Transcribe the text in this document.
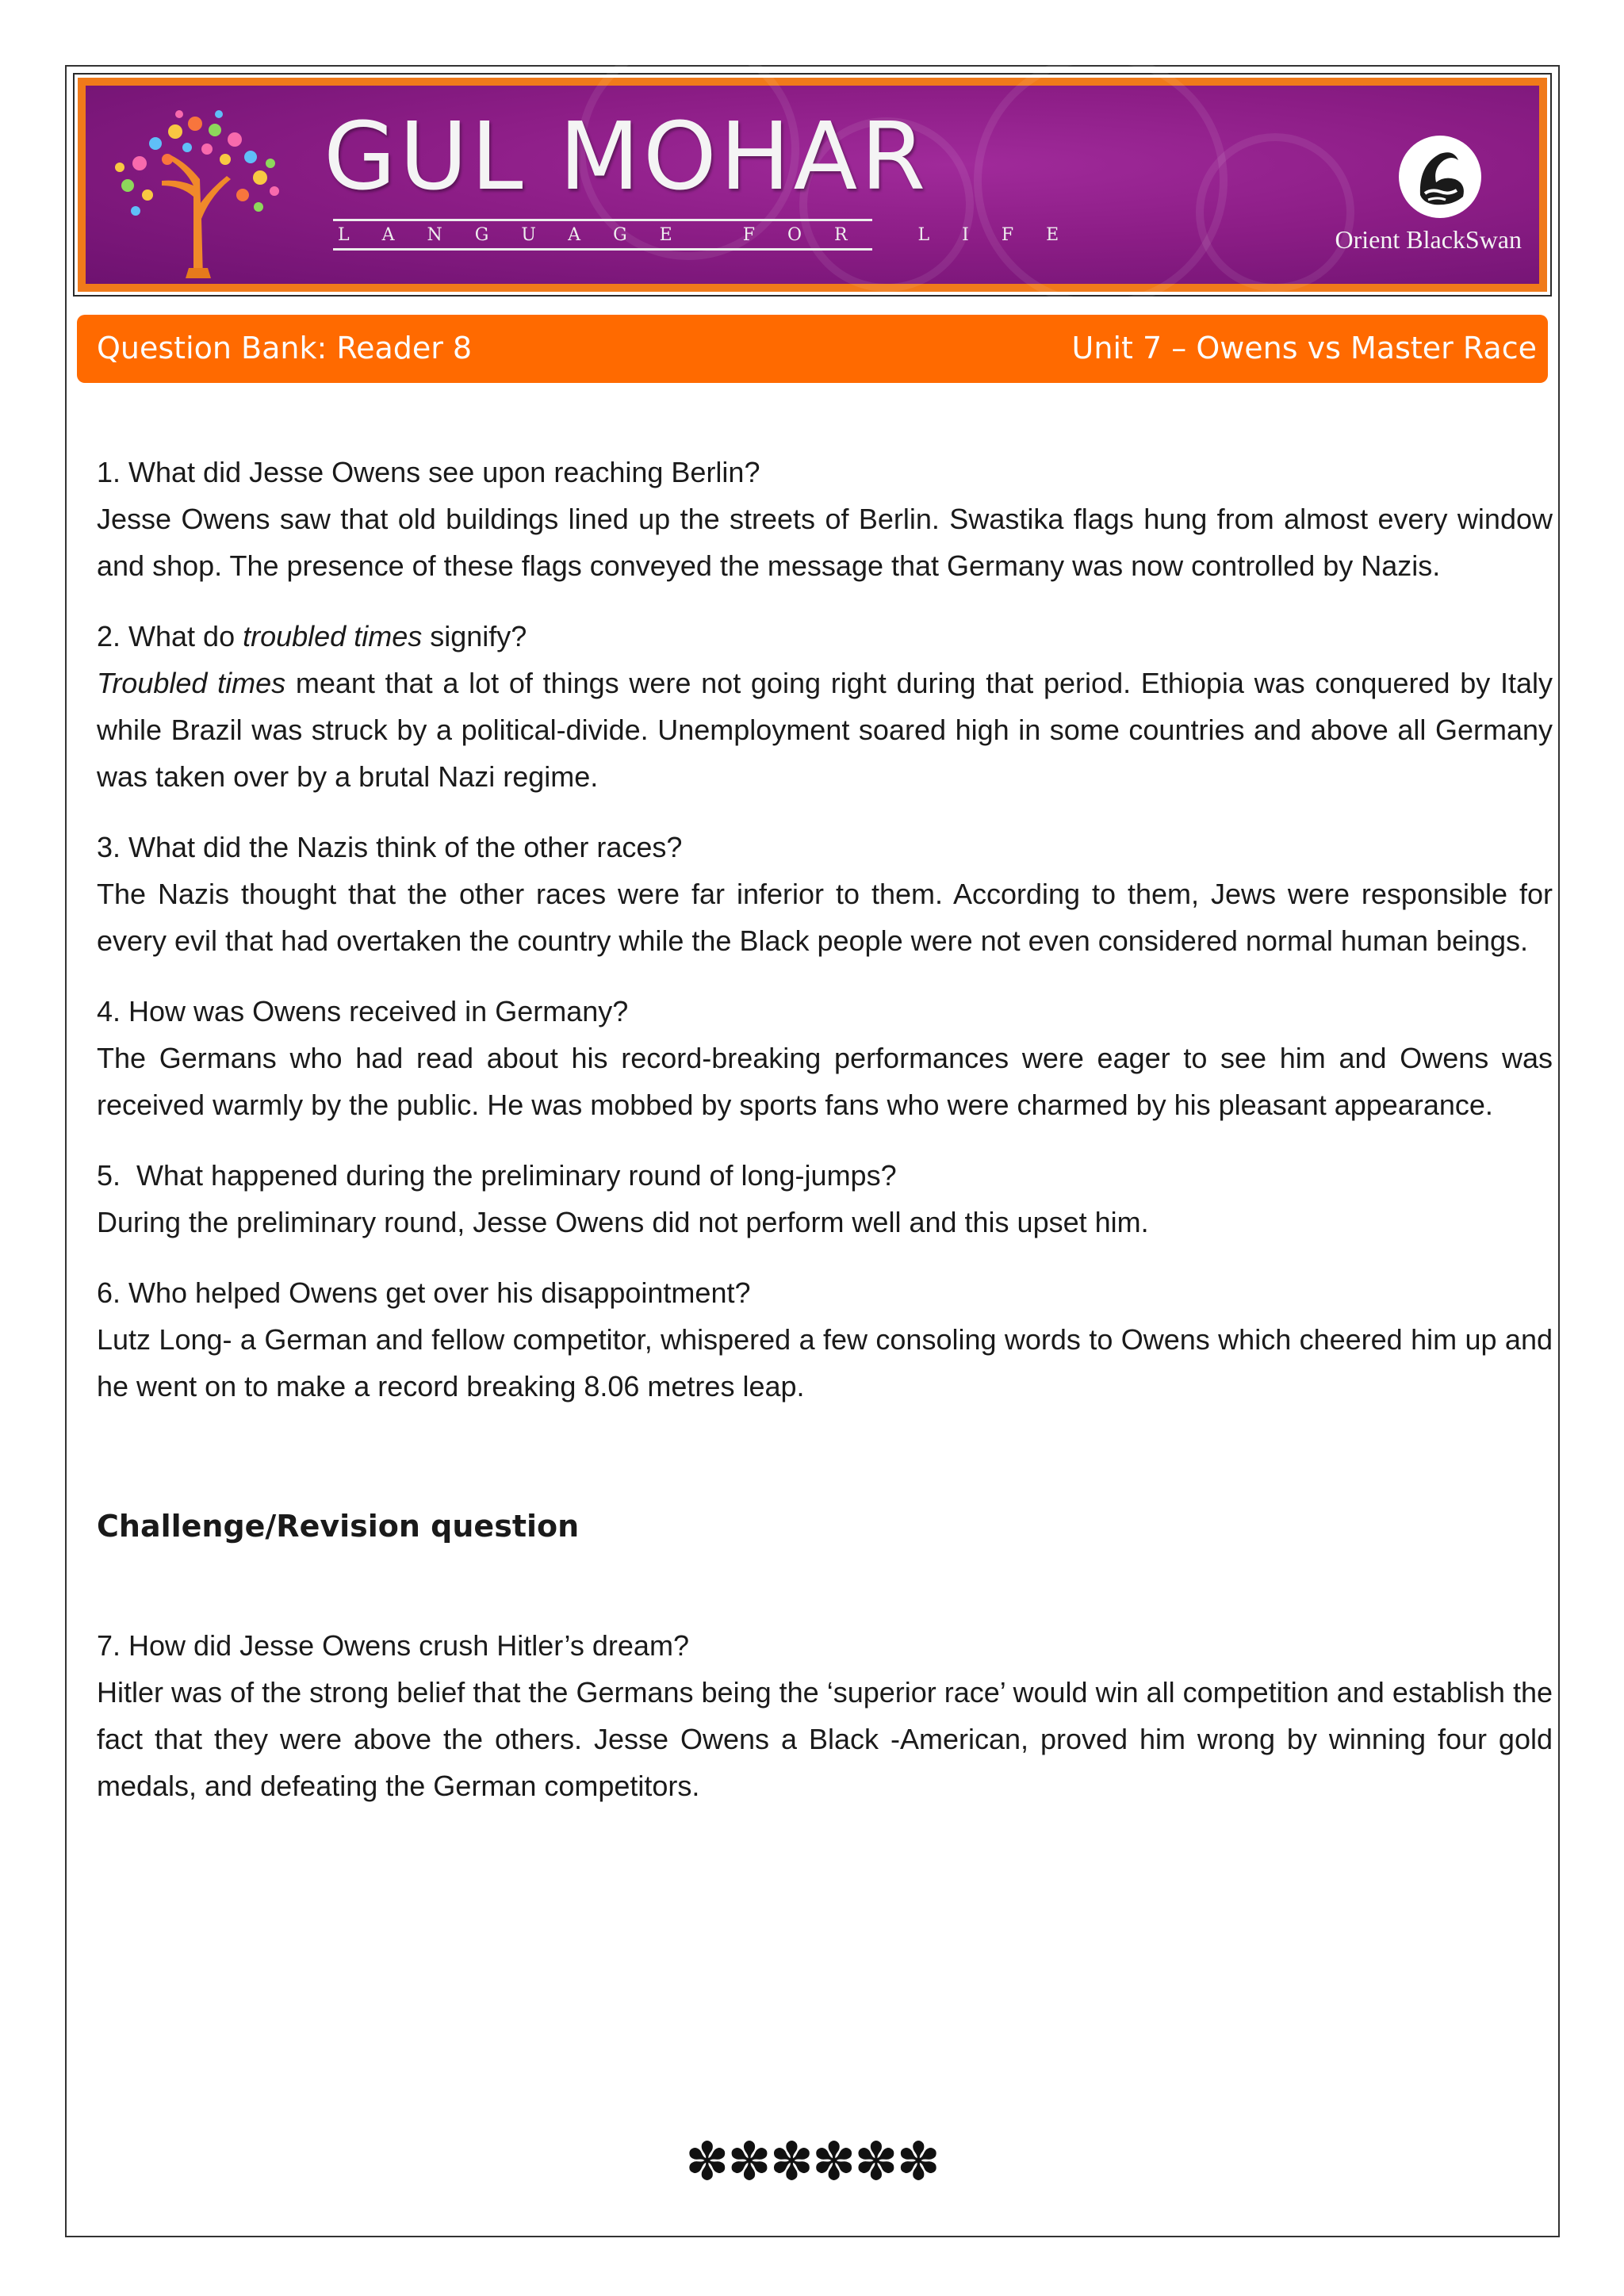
GUL MOHAR
LANGUAGE FOR LIFE	Orient BlackSwan
Question Bank: Reader 8	Unit 7 – Owens vs Master Race
1. What did Jesse Owens see upon reaching Berlin?
Jesse Owens saw that old buildings lined up the streets of Berlin. Swastika flags hung from almost every window and shop. The presence of these flags conveyed the message that Germany was now controlled by Nazis.
2. What do troubled times signify?
Troubled times meant that a lot of things were not going right during that period. Ethiopia was conquered by Italy while Brazil was struck by a political-divide. Unemployment soared high in some countries and above all Germany was taken over by a brutal Nazi regime.
3. What did the Nazis think of the other races?
The Nazis thought that the other races were far inferior to them. According to them, Jews were responsible for every evil that had overtaken the country while the Black people were not even considered normal human beings.
4. How was Owens received in Germany?
The Germans who had read about his record-breaking performances were eager to see him and Owens was received warmly by the public. He was mobbed by sports fans who were charmed by his pleasant appearance.
5.  What happened during the preliminary round of long-jumps?
During the preliminary round, Jesse Owens did not perform well and this upset him.
6. Who helped Owens get over his disappointment?
Lutz Long- a German and fellow competitor, whispered a few consoling words to Owens which cheered him up and he went on to make a record breaking 8.06 metres leap.
Challenge/Revision question
7. How did Jesse Owens crush Hitler’s dream?
Hitler was of the strong belief that the Germans being the ‘superior race’ would win all competition and establish the fact that they were above the others. Jesse Owens a Black -American, proved him wrong by winning four gold medals, and defeating the German competitors.
✽✽✽✽✽✽
